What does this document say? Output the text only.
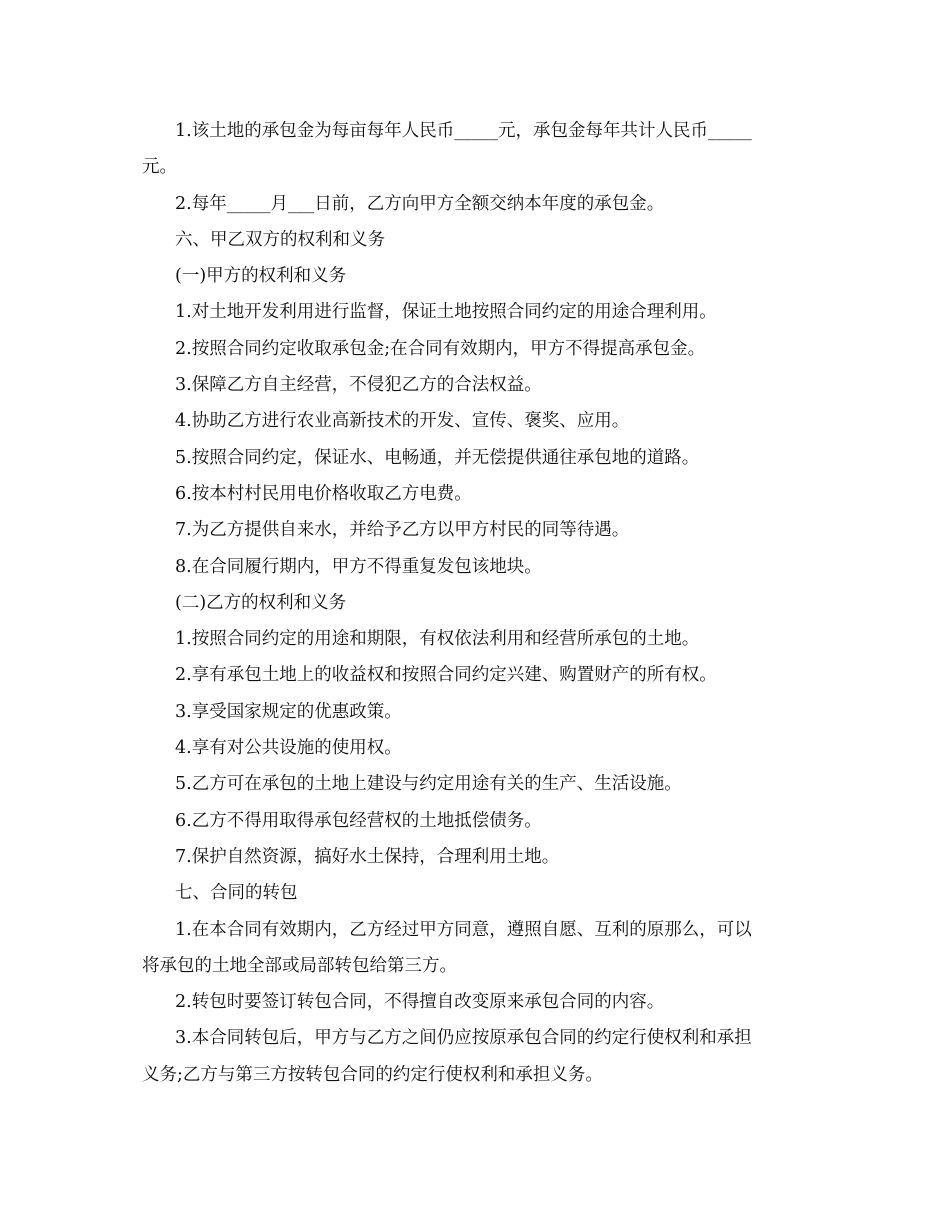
1.该土地的承包金为每亩每年人民币_____元，承包金每年共计人民币_____
元。
2.每年_____月___日前，乙方向甲方全额交纳本年度的承包金。
六、甲乙双方的权利和义务
(一)甲方的权利和义务
1.对土地开发利用进行监督，保证土地按照合同约定的用途合理利用。
2.按照合同约定收取承包金;在合同有效期内，甲方不得提高承包金。
3.保障乙方自主经营，不侵犯乙方的合法权益。
4.协助乙方进行农业高新技术的开发、宣传、褒奖、应用。
5.按照合同约定，保证水、电畅通，并无偿提供通往承包地的道路。
6.按本村村民用电价格收取乙方电费。
7.为乙方提供自来水，并给予乙方以甲方村民的同等待遇。
8.在合同履行期内，甲方不得重复发包该地块。
(二)乙方的权利和义务
1.按照合同约定的用途和期限，有权依法利用和经营所承包的土地。
2.享有承包土地上的收益权和按照合同约定兴建、购置财产的所有权。
3.享受国家规定的优惠政策。
4.享有对公共设施的使用权。
5.乙方可在承包的土地上建设与约定用途有关的生产、生活设施。
6.乙方不得用取得承包经营权的土地抵偿债务。
7.保护自然资源，搞好水土保持，合理利用土地。
七、合同的转包
1.在本合同有效期内，乙方经过甲方同意，遵照自愿、互利的原那么，可以
将承包的土地全部或局部转包给第三方。
2.转包时要签订转包合同，不得擅自改变原来承包合同的内容。
3.本合同转包后，甲方与乙方之间仍应按原承包合同的约定行使权利和承担
义务;乙方与第三方按转包合同的约定行使权利和承担义务。
